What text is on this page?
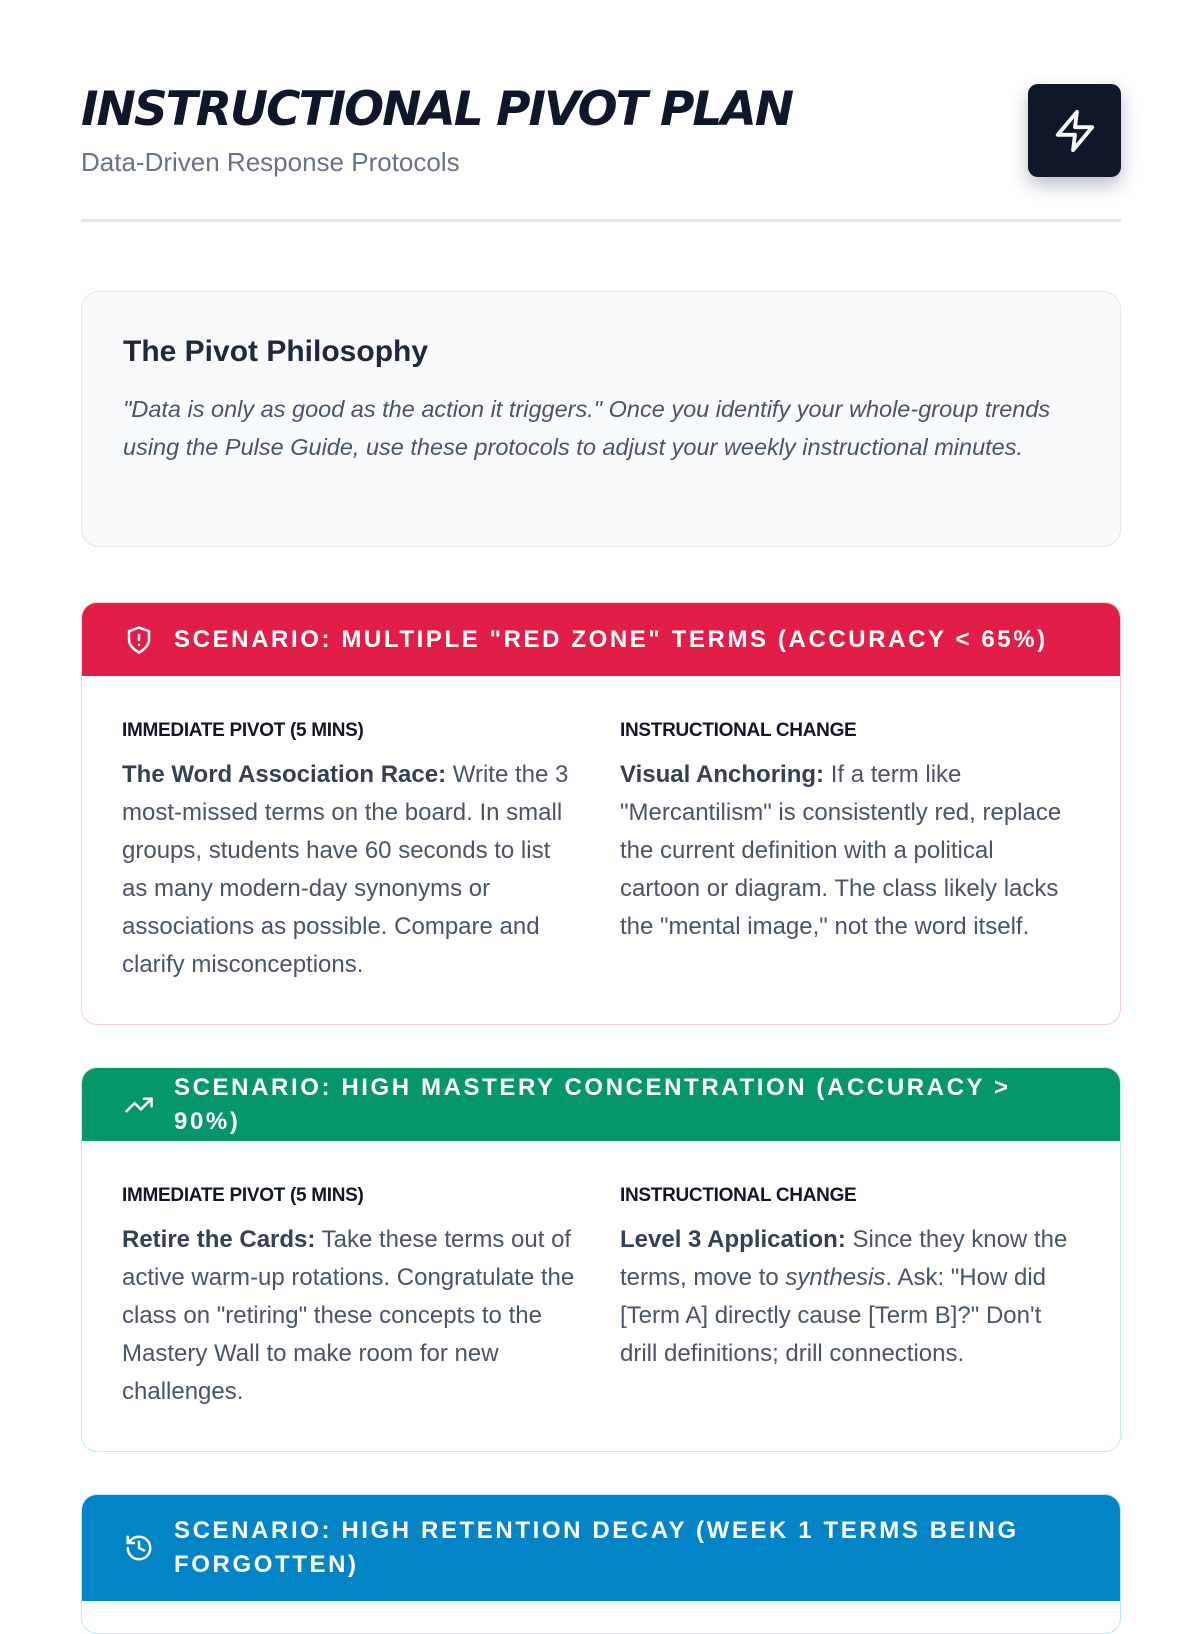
INSTRUCTIONAL PIVOT PLAN
Data-Driven Response Protocols
The Pivot Philosophy

"Data is only as good as the action it triggers." Once you identify your whole-group trends using the Pulse Guide, use these protocols to adjust your weekly instructional minutes.

SCENARIO: MULTIPLE "RED ZONE" TERMS (ACCURACY < 65%)
IMMEDIATE PIVOT (5 MINS)

The Word Association Race: Write the 3 most-missed terms on the board. In small groups, students have 60 seconds to list as many modern-day synonyms or associations as possible. Compare and clarify misconceptions.

INSTRUCTIONAL CHANGE

Visual Anchoring: If a term like "Mercantilism" is consistently red, replace the current definition with a political cartoon or diagram. The class likely lacks the "mental image," not the word itself.

SCENARIO: HIGH MASTERY CONCENTRATION (ACCURACY > 90%)
IMMEDIATE PIVOT (5 MINS)

Retire the Cards: Take these terms out of active warm-up rotations. Congratulate the class on "retiring" these concepts to the Mastery Wall to make room for new challenges.

INSTRUCTIONAL CHANGE

Level 3 Application: Since they know the terms, move to synthesis. Ask: "How did [Term A] directly cause [Term B]?" Don't drill definitions; drill connections.

SCENARIO: HIGH RETENTION DECAY (WEEK 1 TERMS BEING FORGOTTEN)
